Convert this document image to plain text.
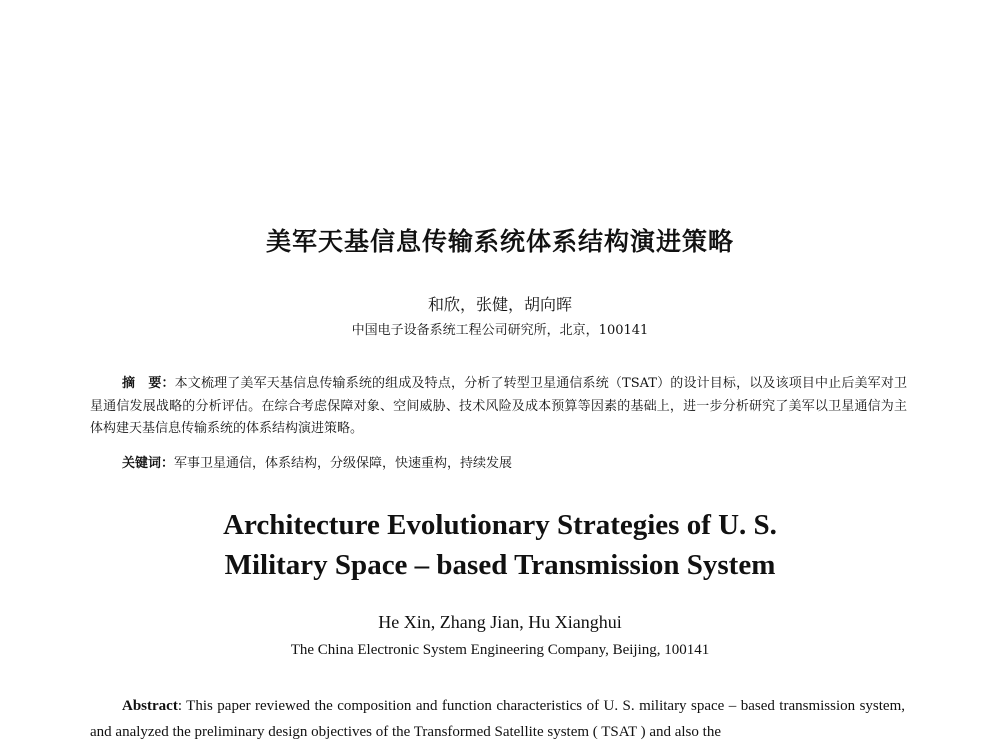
美军天基信息传输系统体系结构演进策略
和欣，张健，胡向晖
中国电子设备系统工程公司研究所，北京，100141
摘　要：本文梳理了美军天基信息传输系统的组成及特点，分析了转型卫星通信系统（TSAT）的设计目标，以及该项目中止后美军对卫星通信发展战略的分析评估。在综合考虑保障对象、空间威胁、技术风险及成本预算等因素的基础上，进一步分析研究了美军以卫星通信为主体构建天基信息传输系统的体系结构演进策略。
关键词：军事卫星通信，体系结构，分级保障，快速重构，持续发展
Architecture Evolutionary Strategies of U. S.
Military Space – based Transmission System
He Xin, Zhang Jian, Hu Xianghui
The China Electronic System Engineering Company, Beijing, 100141
Abstract: This paper reviewed the composition and function characteristics of U. S. military space – based transmission system, and analyzed the preliminary design objectives of the Transformed Satellite system ( TSAT ) and also the
